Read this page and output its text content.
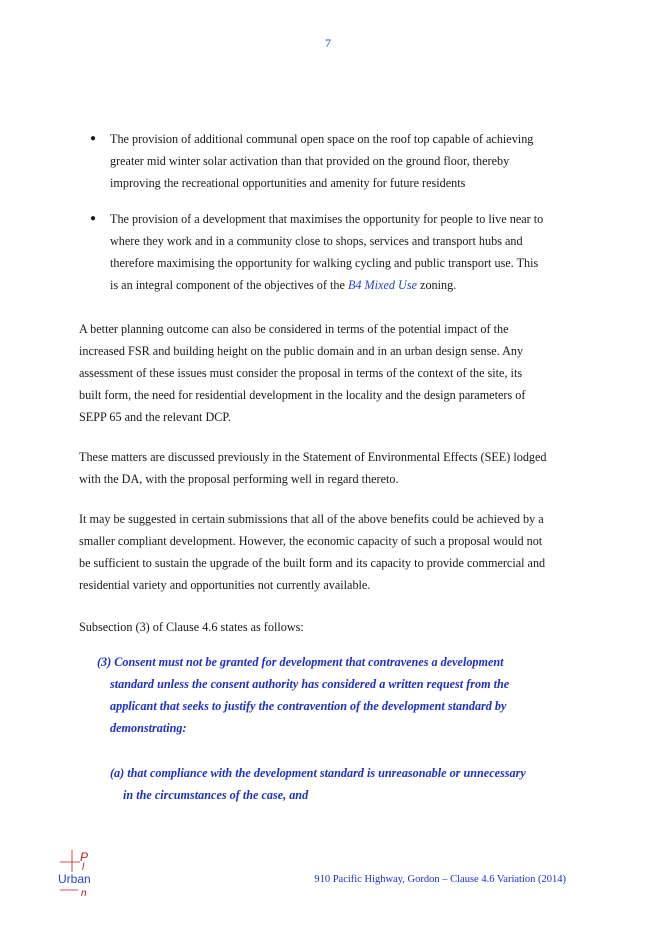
7
● The provision of additional communal open space on the roof top capable of achieving
greater mid winter solar activation than that provided on the ground floor, thereby
improving the recreational opportunities and amenity for future residents
● The provision of a development that maximises the opportunity for people to live near to
where they work and in a community close to shops, services and transport hubs and
therefore maximising the opportunity for walking cycling and public transport use. This
is an integral component of the objectives of the B4 Mixed Use zoning.

A better planning outcome can also be considered in terms of the potential impact of the
increased FSR and building height on the public domain and in an urban design sense. Any
assessment of these issues must consider the proposal in terms of the context of the site, its
built form, the need for residential development in the locality and the design parameters of
SEPP 65 and the relevant DCP.

These matters are discussed previously in the Statement of Environmental Effects (SEE) lodged
with the DA, with the proposal performing well in regard thereto.

It may be suggested in certain submissions that all of the above benefits could be achieved by a
smaller compliant development. However, the economic capacity of such a proposal would not
be sufficient to sustain the upgrade of the built form and its capacity to provide commercial and
residential variety and opportunities not currently available.

Subsection (3) of Clause 4.6 states as follows:

(3) Consent must not be granted for development that contravenes a development
standard unless the consent authority has considered a written request from the
applicant that seeks to justify the contravention of the development standard by
demonstrating:

(a) that compliance with the development standard is unreasonable or unnecessary
in the circumstances of the case, and

P
l
Urban
n
910 Pacific Highway, Gordon – Clause 4.6 Variation (2014)
